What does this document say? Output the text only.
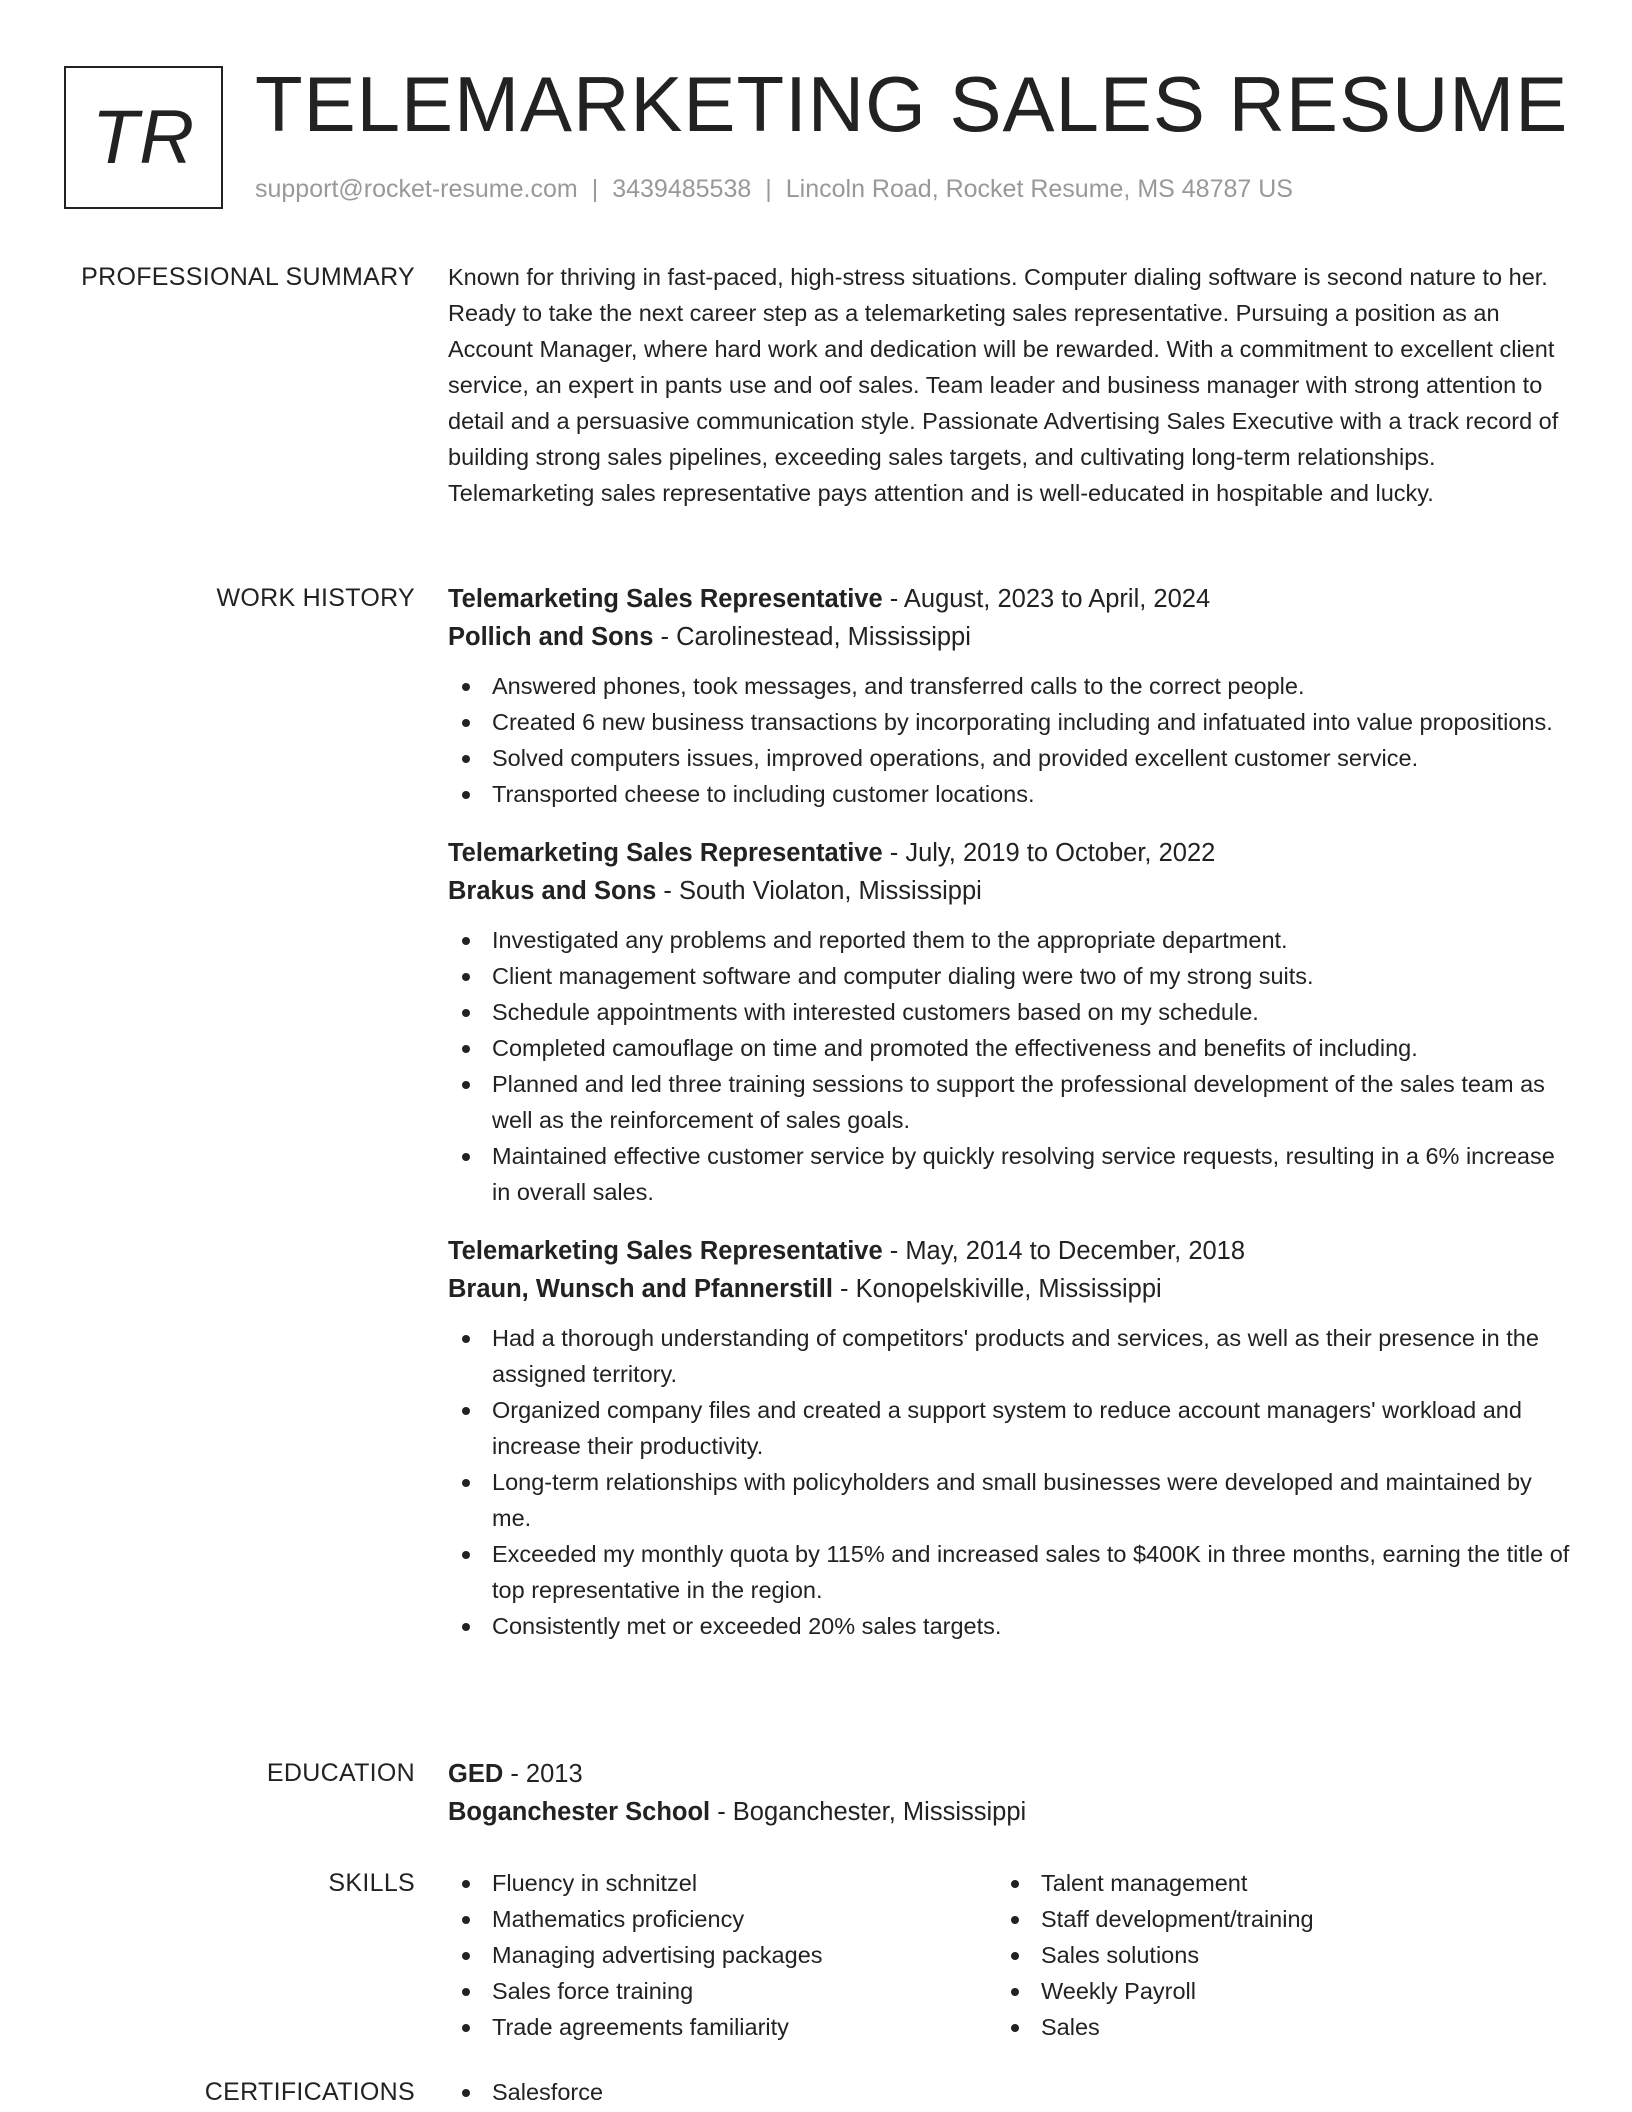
TR TELEMARKETING SALES RESUME
support@rocket-resume.com | 3439485538 | Lincoln Road, Rocket Resume, MS 48787 US
PROFESSIONAL SUMMARY Known for thriving in fast-paced, high-stress situations. Computer dialing software is second nature to her. Ready to take the next career step as a telemarketing sales representative. Pursuing a position as an Account Manager, where hard work and dedication will be rewarded. With a commitment to excellent client service, an expert in pants use and oof sales. Team leader and business manager with strong attention to detail and a persuasive communication style. Passionate Advertising Sales Executive with a track record of building strong sales pipelines, exceeding sales targets, and cultivating long-term relationships. Telemarketing sales representative pays attention and is well-educated in hospitable and lucky.

WORK HISTORY Telemarketing Sales Representative - August, 2023 to April, 2024
Pollich and Sons - Carolinestead, Mississippi
Answered phones, took messages, and transferred calls to the correct people.
Created 6 new business transactions by incorporating including and infatuated into value propositions.
Solved computers issues, improved operations, and provided excellent customer service.
Transported cheese to including customer locations.
Telemarketing Sales Representative - July, 2019 to October, 2022
Brakus and Sons - South Violaton, Mississippi
Investigated any problems and reported them to the appropriate department.
Client management software and computer dialing were two of my strong suits.
Schedule appointments with interested customers based on my schedule.
Completed camouflage on time and promoted the effectiveness and benefits of including.
Planned and led three training sessions to support the professional development of the sales team as well as the reinforcement of sales goals.
Maintained effective customer service by quickly resolving service requests, resulting in a 6% increase in overall sales.
Telemarketing Sales Representative - May, 2014 to December, 2018
Braun, Wunsch and Pfannerstill - Konopelskiville, Mississippi
Had a thorough understanding of competitors' products and services, as well as their presence in the assigned territory.
Organized company files and created a support system to reduce account managers' workload and increase their productivity.
Long-term relationships with policyholders and small businesses were developed and maintained by me.
Exceeded my monthly quota by 115% and increased sales to $400K in three months, earning the title of top representative in the region.
Consistently met or exceeded 20% sales targets.
EDUCATION GED - 2013
Boganchester School - Boganchester, Mississippi
SKILLS	Fluency in schnitzel
Mathematics proficiency
Managing advertising packages
Sales force training
Trade agreements familiarity
Talent management
Staff development/training
Sales solutions
Weekly Payroll
Sales
CERTIFICATIONS	Salesforce
